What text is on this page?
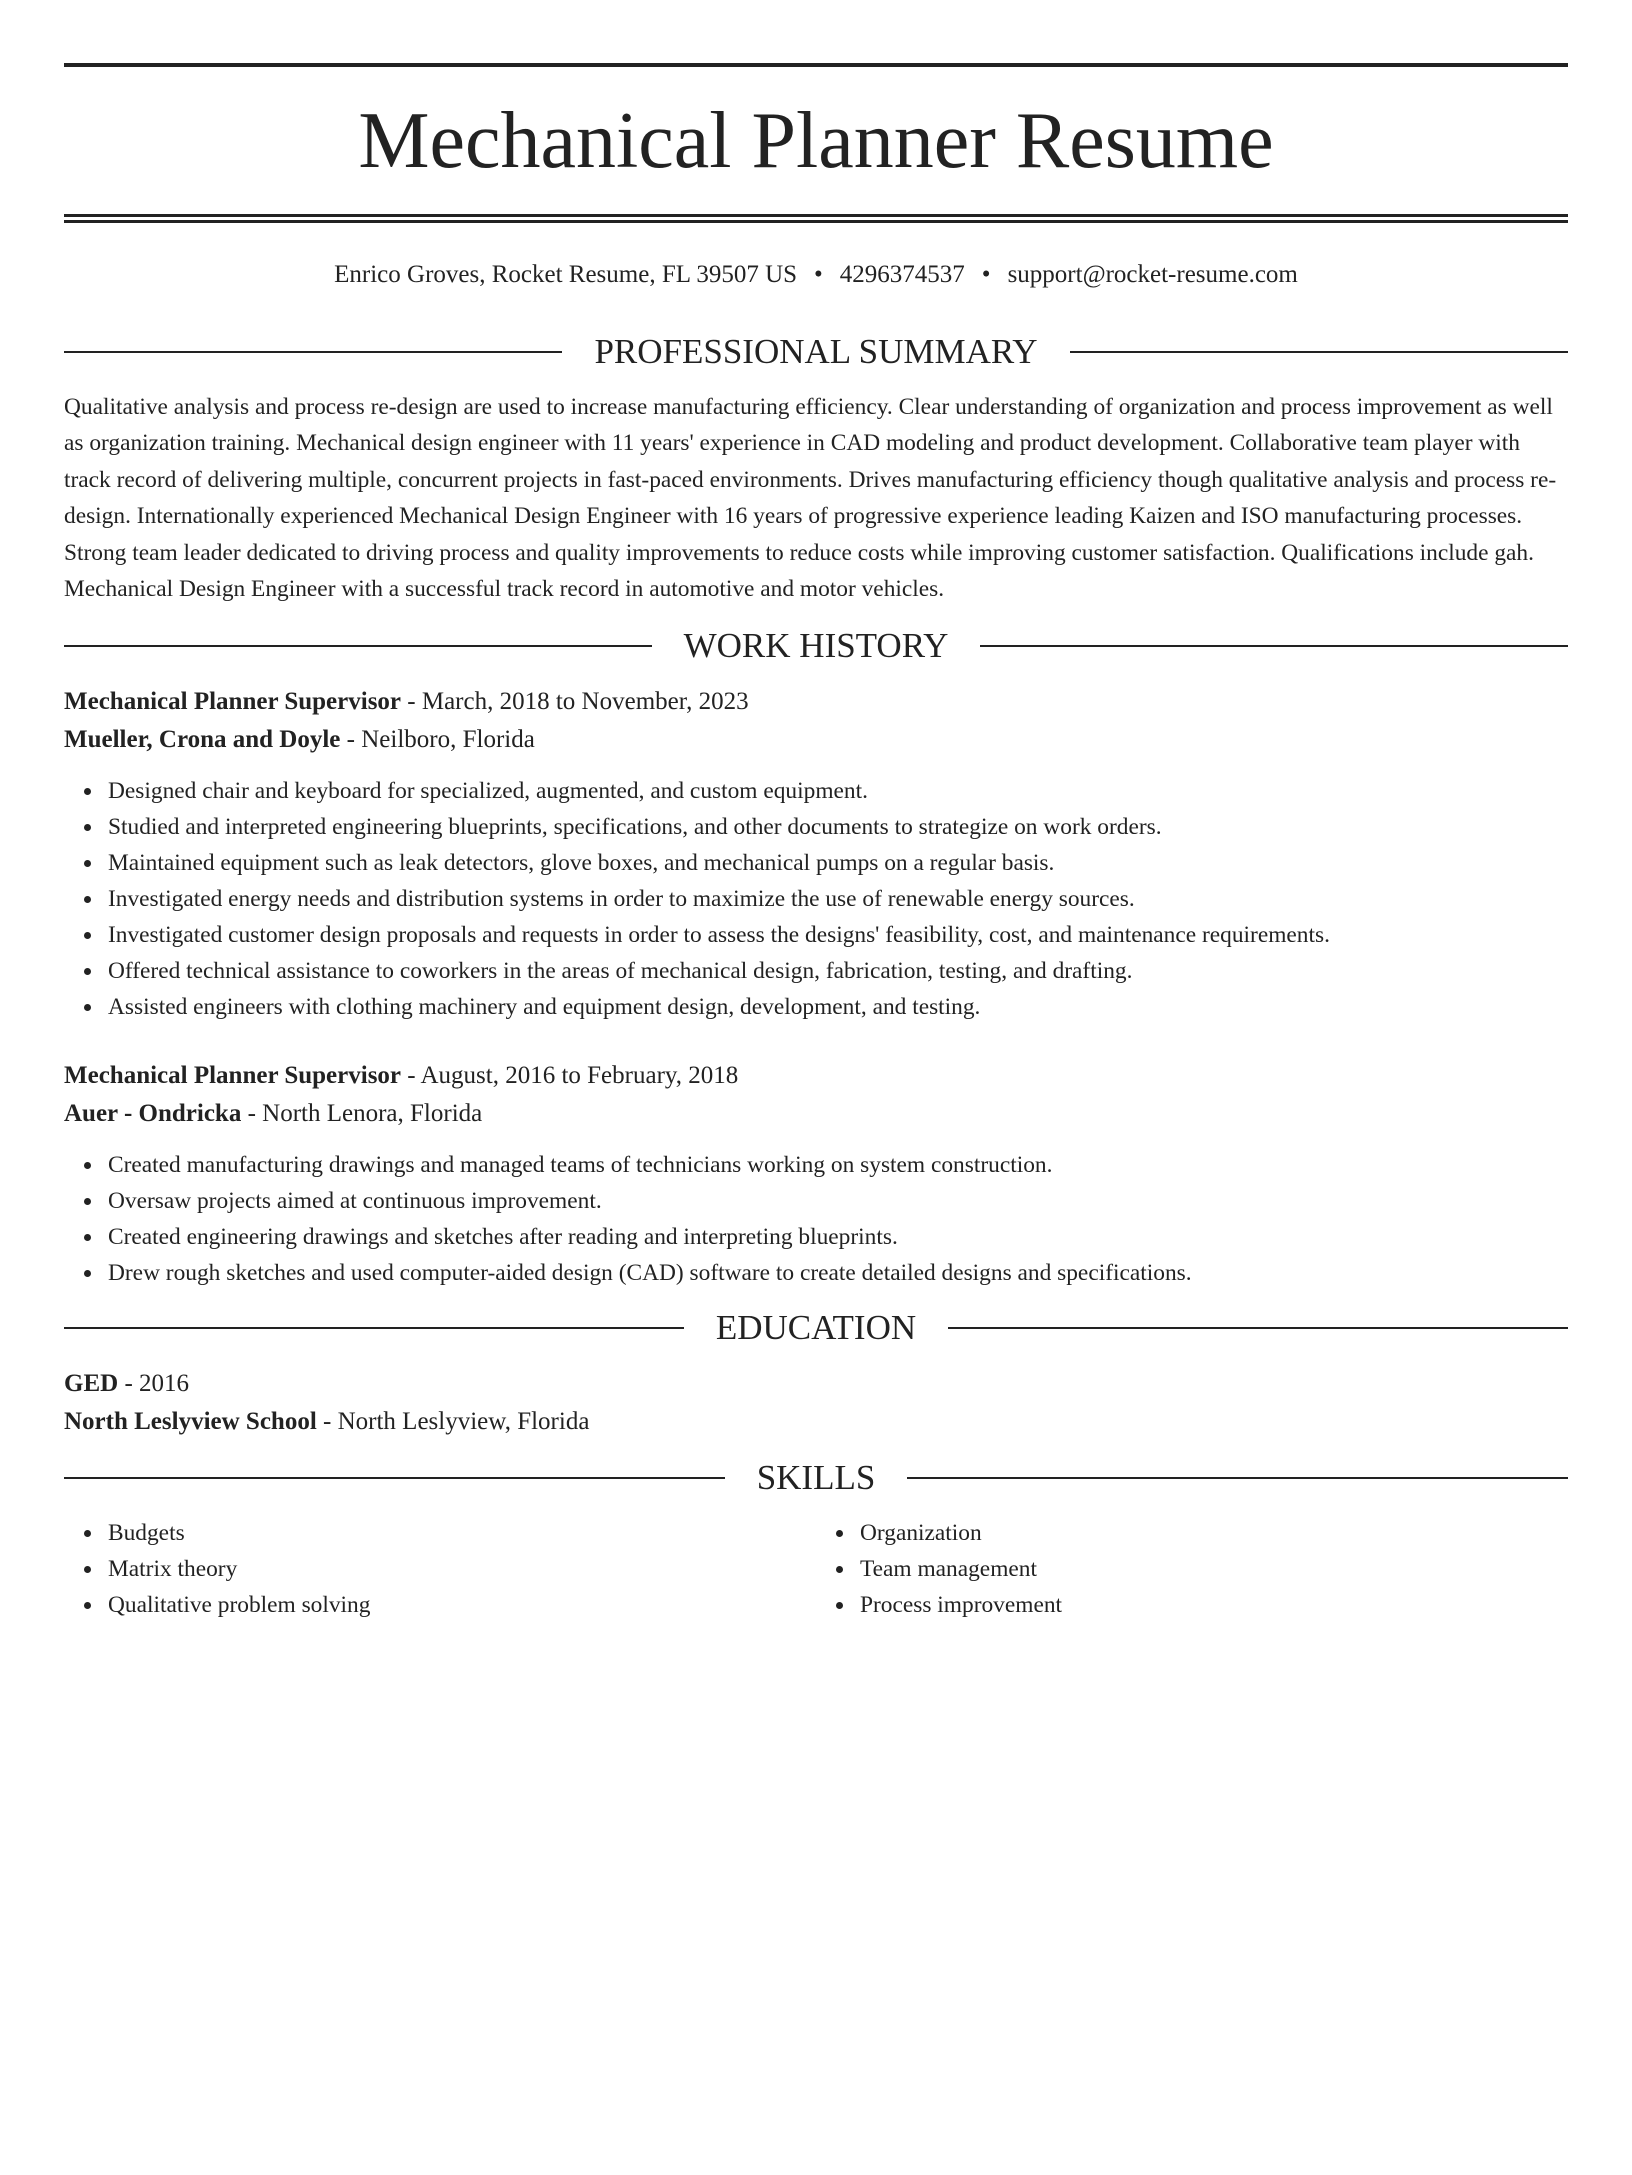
Mechanical Planner Resume
Enrico Groves, Rocket Resume, FL 39507 US • 4296374537 • support@rocket-resume.com
PROFESSIONAL SUMMARY

Qualitative analysis and process re-design are used to increase manufacturing efficiency. Clear understanding of organization and process improvement as well as organization training. Mechanical design engineer with 11 years' experience in CAD modeling and product development. Collaborative team player with track record of delivering multiple, concurrent projects in fast-paced environments. Drives manufacturing efficiency though qualitative analysis and process re-design. Internationally experienced Mechanical Design Engineer with 16 years of progressive experience leading Kaizen and ISO manufacturing processes. Strong team leader dedicated to driving process and quality improvements to reduce costs while improving customer satisfaction. Qualifications include gah. Mechanical Design Engineer with a successful track record in automotive and motor vehicles.

WORK HISTORY
Mechanical Planner Supervisor - March, 2018 to November, 2023
Mueller, Crona and Doyle - Neilboro, Florida
Designed chair and keyboard for specialized, augmented, and custom equipment.
Studied and interpreted engineering blueprints, specifications, and other documents to strategize on work orders.
Maintained equipment such as leak detectors, glove boxes, and mechanical pumps on a regular basis.
Investigated energy needs and distribution systems in order to maximize the use of renewable energy sources.
Investigated customer design proposals and requests in order to assess the designs' feasibility, cost, and maintenance requirements.
Offered technical assistance to coworkers in the areas of mechanical design, fabrication, testing, and drafting.
Assisted engineers with clothing machinery and equipment design, development, and testing.
Mechanical Planner Supervisor - August, 2016 to February, 2018
Auer - Ondricka - North Lenora, Florida
Created manufacturing drawings and managed teams of technicians working on system construction.
Oversaw projects aimed at continuous improvement.
Created engineering drawings and sketches after reading and interpreting blueprints.
Drew rough sketches and used computer-aided design (CAD) software to create detailed designs and specifications.
EDUCATION
GED - 2016
North Leslyview School - North Leslyview, Florida
SKILLS
Budgets
Matrix theory
Qualitative problem solving
Organization
Team management
Process improvement
